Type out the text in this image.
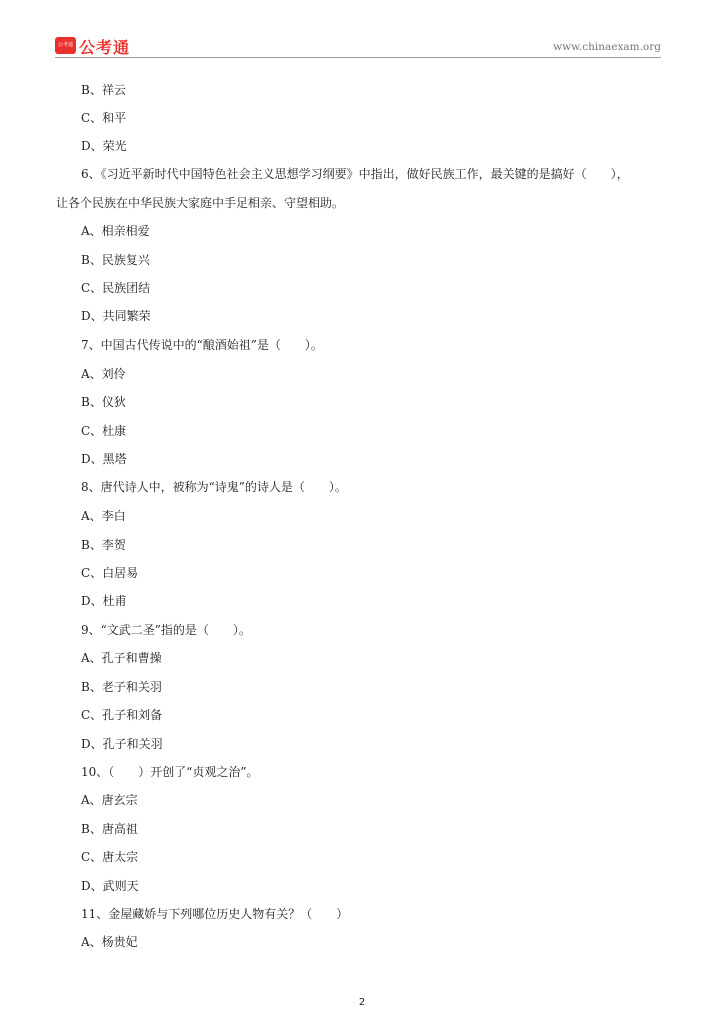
公考通 公考通	www.chinaexam.org
B、祥云
C、和平
D、荣光
6、《习近平新时代中国特色社会主义思想学习纲要》中指出，做好民族工作，最关键的是搞好（　　），
让各个民族在中华民族大家庭中手足相亲、守望相助。
A、相亲相爱
B、民族复兴
C、民族团结
D、共同繁荣
7、中国古代传说中的“酿酒始祖”是（　　）。
A、刘伶
B、仪狄
C、杜康
D、黑塔
8、唐代诗人中，被称为“诗鬼”的诗人是（　　）。
A、李白
B、李贺
C、白居易
D、杜甫
9、“文武二圣”指的是（　　）。
A、孔子和曹操
B、老子和关羽
C、孔子和刘备
D、孔子和关羽
10、（　　）开创了“贞观之治”。
A、唐玄宗
B、唐高祖
C、唐太宗
D、武则天
11、金屋藏娇与下列哪位历史人物有关？（　　）
A、杨贵妃
2
